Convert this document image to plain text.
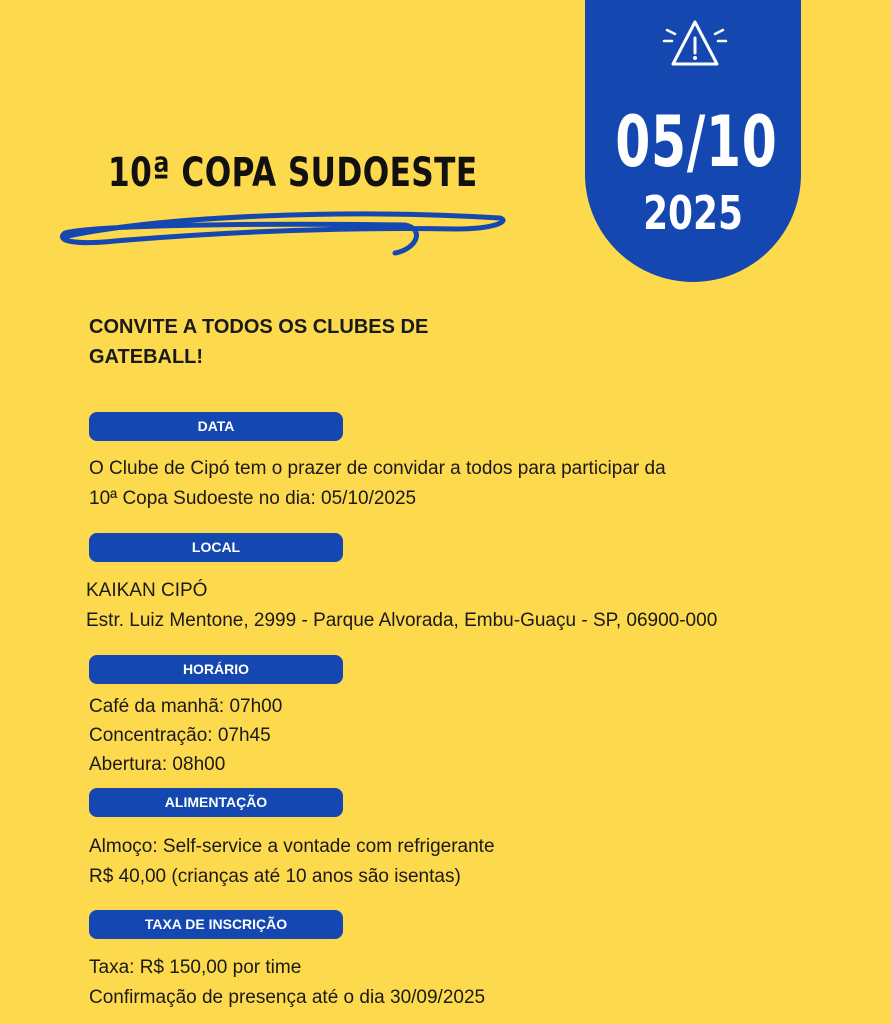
05/10
2025
10ª COPA SUDOESTE
CONVITE A TODOS OS CLUBES DE GATEBALL!
DATA
O Clube de Cipó tem o prazer de convidar a todos para participar da
10ª Copa Sudoeste no dia: 05/10/2025
LOCAL
KAIKAN CIPÓ
Estr. Luiz Mentone, 2999 - Parque Alvorada, Embu-Guaçu - SP, 06900-000
HORÁRIO
Café da manhã: 07h00
Concentração: 07h45
Abertura: 08h00
ALIMENTAÇÃO
Almoço: Self-service a vontade com refrigerante
R$ 40,00 (crianças até 10 anos são isentas)
TAXA DE INSCRIÇÃO
Taxa: R$ 150,00 por time
Confirmação de presença até o dia 30/09/2025
